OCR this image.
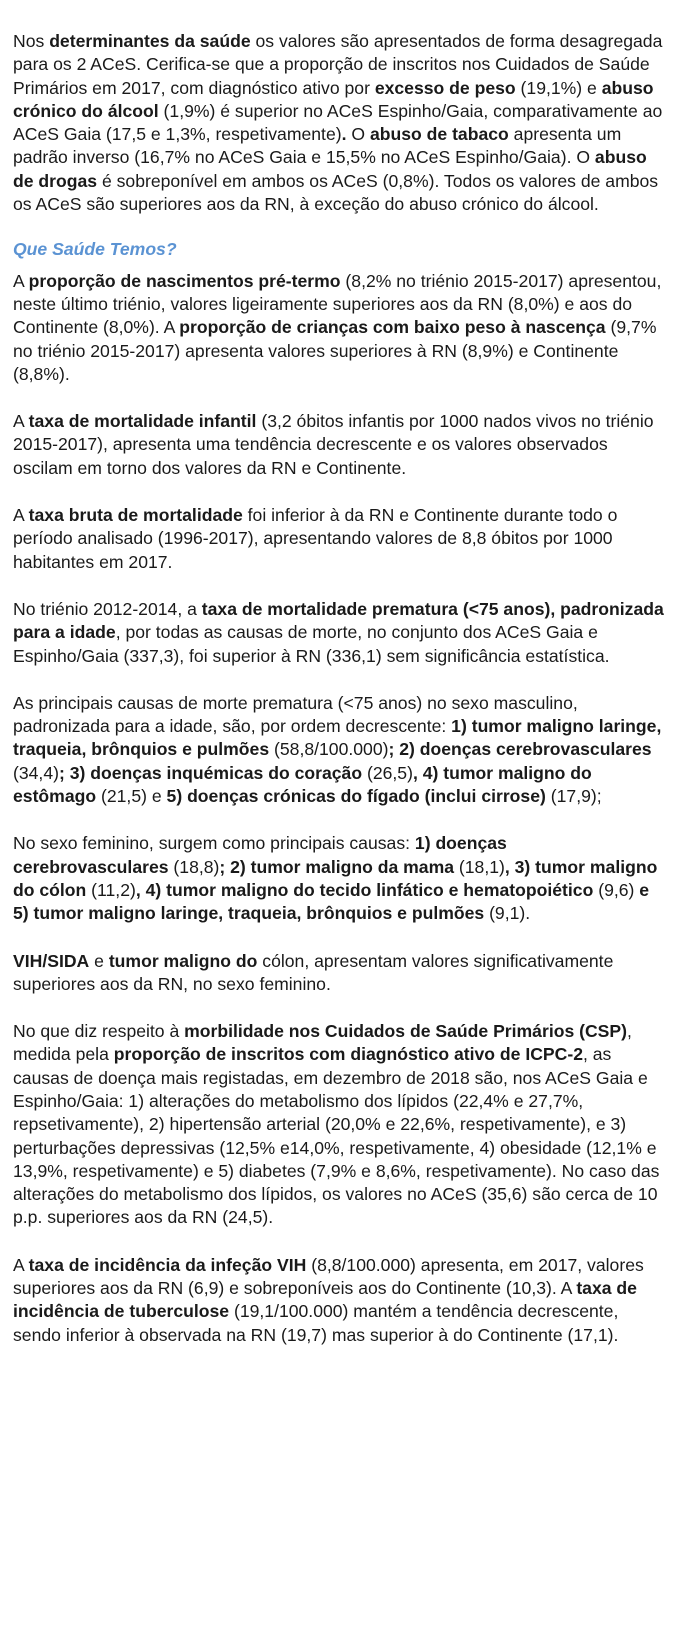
Nos determinantes da saúde os valores são apresentados de forma desagregada para os 2 ACeS. Cerifica-se que a proporção de inscritos nos Cuidados de Saúde Primários em 2017, com diagnóstico ativo por excesso de peso (19,1%) e abuso crónico do álcool (1,9%) é superior no ACeS Espinho/Gaia, comparativamente ao ACeS Gaia (17,5 e 1,3%, respetivamente). O abuso de tabaco apresenta um padrão inverso (16,7% no ACeS Gaia e 15,5% no ACeS Espinho/Gaia). O abuso de drogas é sobreponível em ambos os ACeS (0,8%). Todos os valores de ambos os ACeS são superiores aos da RN, à exceção do abuso crónico do álcool.

Que Saúde Temos?

A proporção de nascimentos pré-termo (8,2% no triénio 2015-2017) apresentou, neste último triénio, valores ligeiramente superiores aos da RN (8,0%) e aos do Continente (8,0%). A proporção de crianças com baixo peso à nascença (9,7% no triénio 2015-2017) apresenta valores superiores à RN (8,9%) e Continente (8,8%).

A taxa de mortalidade infantil (3,2 óbitos infantis por 1000 nados vivos no triénio 2015-2017), apresenta uma tendência decrescente e os valores observados oscilam em torno dos valores da RN e Continente.

A taxa bruta de mortalidade foi inferior à da RN e Continente durante todo o período analisado (1996-2017), apresentando valores de 8,8 óbitos por 1000 habitantes em 2017.

No triénio 2012-2014, a taxa de mortalidade prematura (<75 anos), padronizada para a idade, por todas as causas de morte, no conjunto dos ACeS Gaia e Espinho/Gaia (337,3), foi superior à RN (336,1) sem significância estatística.

As principais causas de morte prematura (<75 anos) no sexo masculino, padronizada para a idade, são, por ordem decrescente: 1) tumor maligno laringe, traqueia, brônquios e pulmões (58,8/100.000); 2) doenças cerebrovasculares (34,4); 3) doenças inquémicas do coração (26,5), 4) tumor maligno do estômago (21,5) e 5) doenças crónicas do fígado (inclui cirrose) (17,9);

No sexo feminino, surgem como principais causas: 1) doenças cerebrovasculares (18,8); 2) tumor maligno da mama (18,1), 3) tumor maligno do cólon (11,2), 4) tumor maligno do tecido linfático e hematopoiético (9,6) e 5) tumor maligno laringe, traqueia, brônquios e pulmões (9,1).

VIH/SIDA e tumor maligno do cólon, apresentam valores significativamente superiores aos da RN, no sexo feminino.

No que diz respeito à morbilidade nos Cuidados de Saúde Primários (CSP), medida pela proporção de inscritos com diagnóstico ativo de ICPC-2, as causas de doença mais registadas, em dezembro de 2018 são, nos ACeS Gaia e Espinho/Gaia: 1) alterações do metabolismo dos lípidos (22,4% e 27,7%, repsetivamente), 2) hipertensão arterial (20,0% e 22,6%, respetivamente), e 3) perturbações depressivas (12,5% e14,0%, respetivamente, 4) obesidade (12,1% e 13,9%, respetivamente) e 5) diabetes (7,9% e 8,6%, respetivamente). No caso das alterações do metabolismo dos lípidos, os valores no ACeS (35,6) são cerca de 10 p.p. superiores aos da RN (24,5).

A taxa de incidência da infeção VIH (8,8/100.000) apresenta, em 2017, valores superiores aos da RN (6,9) e sobreponíveis aos do Continente (10,3). A taxa de incidência de tuberculose (19,1/100.000) mantém a tendência decrescente, sendo inferior à observada na RN (19,7) mas superior à do Continente (17,1).
